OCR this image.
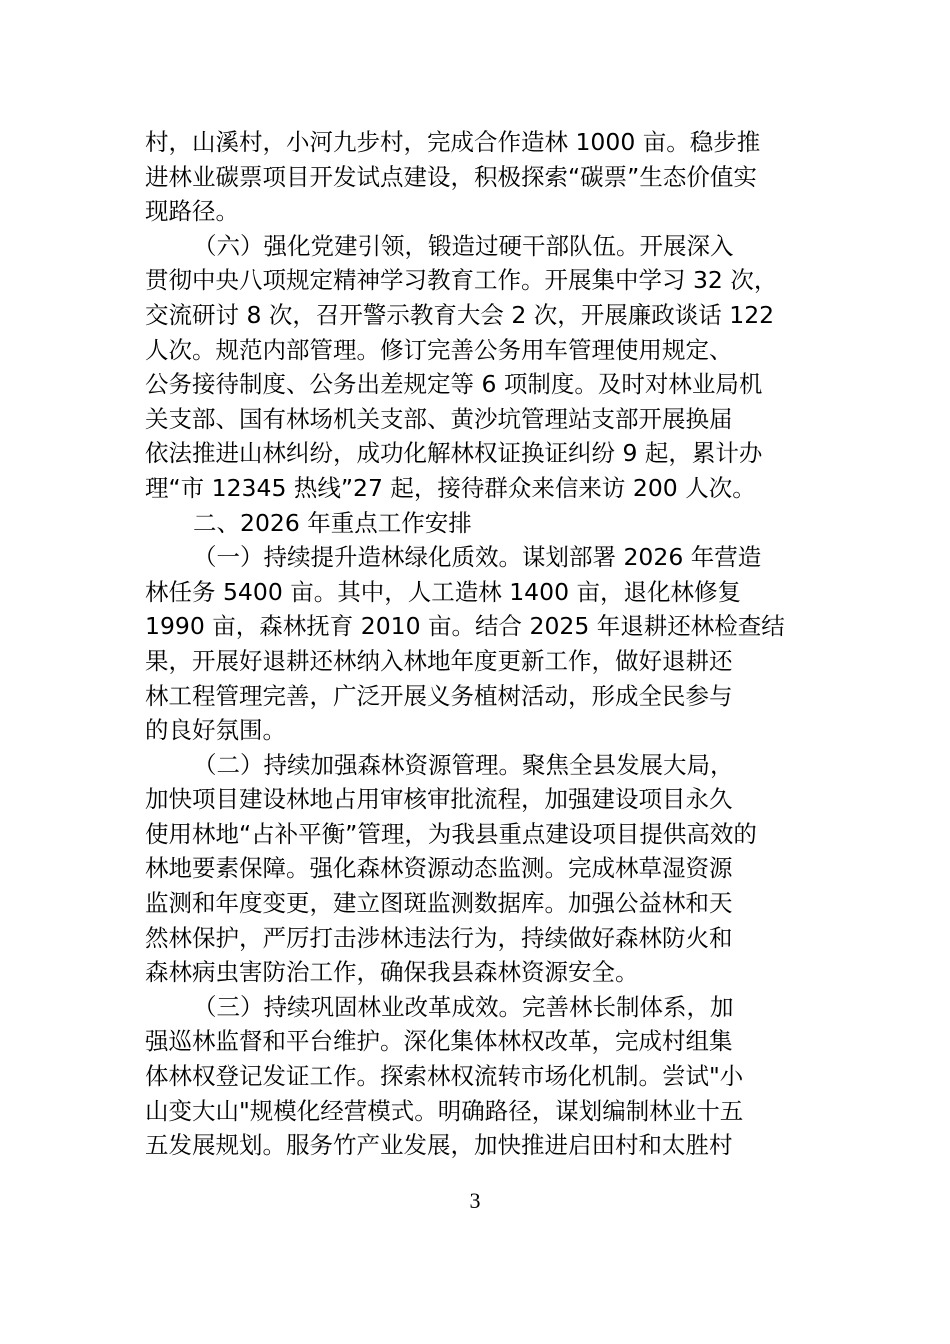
村，山溪村，小河九步村，完成合作造林 1000 亩。稳步推
进林业碳票项目开发试点建设，积极探索“碳票”生态价值实
现路径。
（六）强化党建引领，锻造过硬干部队伍。开展深入
贯彻中央八项规定精神学习教育工作。开展集中学习 32 次，
交流研讨 8 次，召开警示教育大会 2 次，开展廉政谈话 122
人次。规范内部管理。修订完善公务用车管理使用规定、
公务接待制度、公务出差规定等 6 项制度。及时对林业局机
关支部、国有林场机关支部、黄沙坑管理站支部开展换届
依法推进山林纠纷，成功化解林权证换证纠纷 9 起，累计办
理“市 12345 热线”27 起，接待群众来信来访 200 人次。
二、2026 年重点工作安排
（一）持续提升造林绿化质效。谋划部署 2026 年营造
林任务 5400 亩。其中，人工造林 1400 亩，退化林修复
1990 亩，森林抚育 2010 亩。结合 2025 年退耕还林检查结
果，开展好退耕还林纳入林地年度更新工作，做好退耕还
林工程管理完善，广泛开展义务植树活动，形成全民参与
的良好氛围。
（二）持续加强森林资源管理。聚焦全县发展大局，
加快项目建设林地占用审核审批流程，加强建设项目永久
使用林地“占补平衡”管理，为我县重点建设项目提供高效的
林地要素保障。强化森林资源动态监测。完成林草湿资源
监测和年度变更，建立图斑监测数据库。加强公益林和天
然林保护，严厉打击涉林违法行为，持续做好森林防火和
森林病虫害防治工作，确保我县森林资源安全。
（三）持续巩固林业改革成效。完善林长制体系，加
强巡林监督和平台维护。深化集体林权改革，完成村组集
体林权登记发证工作。探索林权流转市场化机制。尝试"小
山变大山"规模化经营模式。明确路径，谋划编制林业十五
五发展规划。服务竹产业发展，加快推进启田村和太胜村
3
